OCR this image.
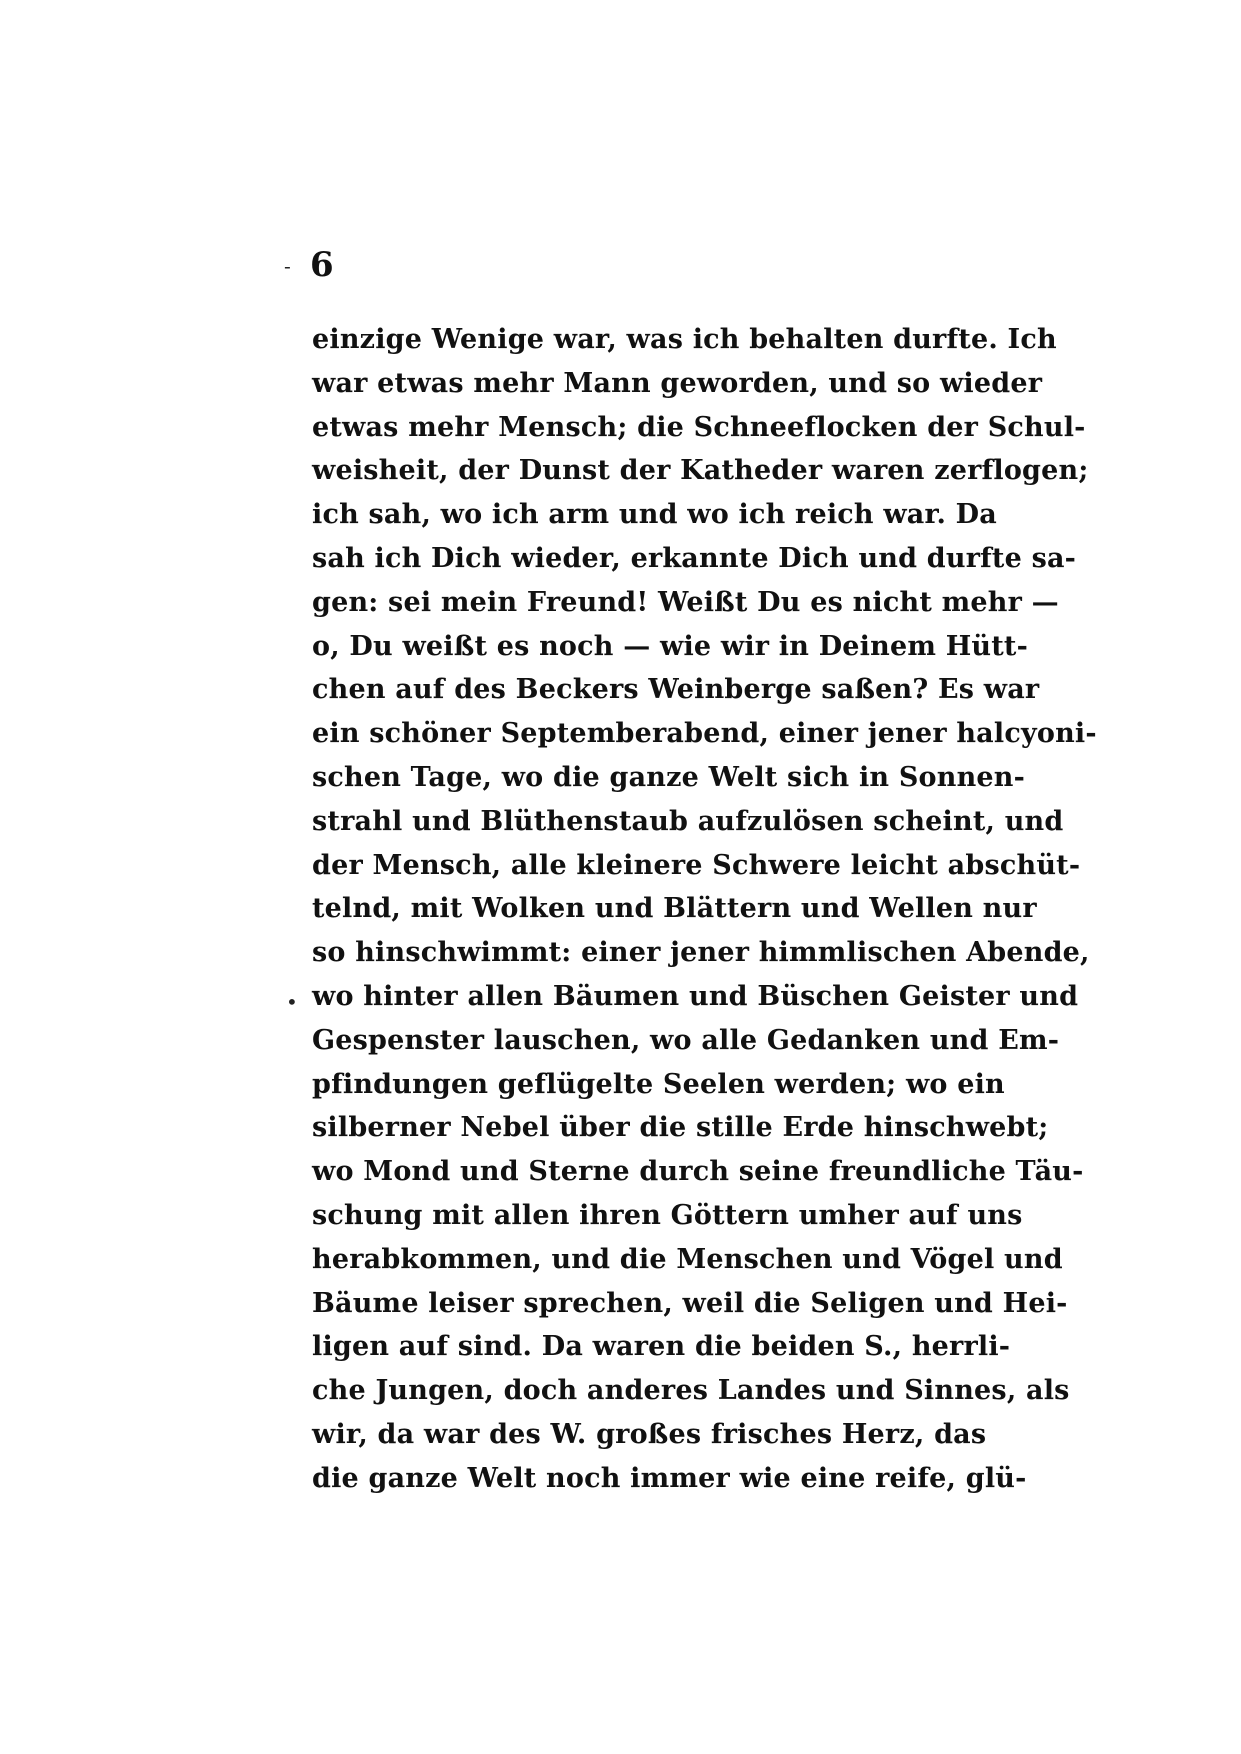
- 6
•
einzige Wenige war, was ich behalten durfte. Ich
war etwas mehr Mann geworden, und so wieder
etwas mehr Mensch; die Schneeflocken der Schul-
weisheit, der Dunst der Katheder waren zerflogen;
ich sah, wo ich arm und wo ich reich war. Da
sah ich Dich wieder, erkannte Dich und durfte sa-
gen: sei mein Freund! Weißt Du es nicht mehr —
o, Du weißt es noch — wie wir in Deinem Hütt-
chen auf des Beckers Weinberge saßen? Es war
ein schöner Septemberabend, einer jener halcyoni-
schen Tage, wo die ganze Welt sich in Sonnen-
strahl und Blüthenstaub aufzulösen scheint, und
der Mensch, alle kleinere Schwere leicht abschüt-
telnd, mit Wolken und Blättern und Wellen nur
so hinschwimmt: einer jener himmlischen Abende,
wo hinter allen Bäumen und Büschen Geister und
Gespenster lauschen, wo alle Gedanken und Em-
pfindungen geflügelte Seelen werden; wo ein
silberner Nebel über die stille Erde hinschwebt;
wo Mond und Sterne durch seine freundliche Täu-
schung mit allen ihren Göttern umher auf uns
herabkommen, und die Menschen und Vögel und
Bäume leiser sprechen, weil die Seligen und Hei-
ligen auf sind. Da waren die beiden S., herrli-
che Jungen, doch anderes Landes und Sinnes, als
wir, da war des W. großes frisches Herz, das
die ganze Welt noch immer wie eine reife, glü-
